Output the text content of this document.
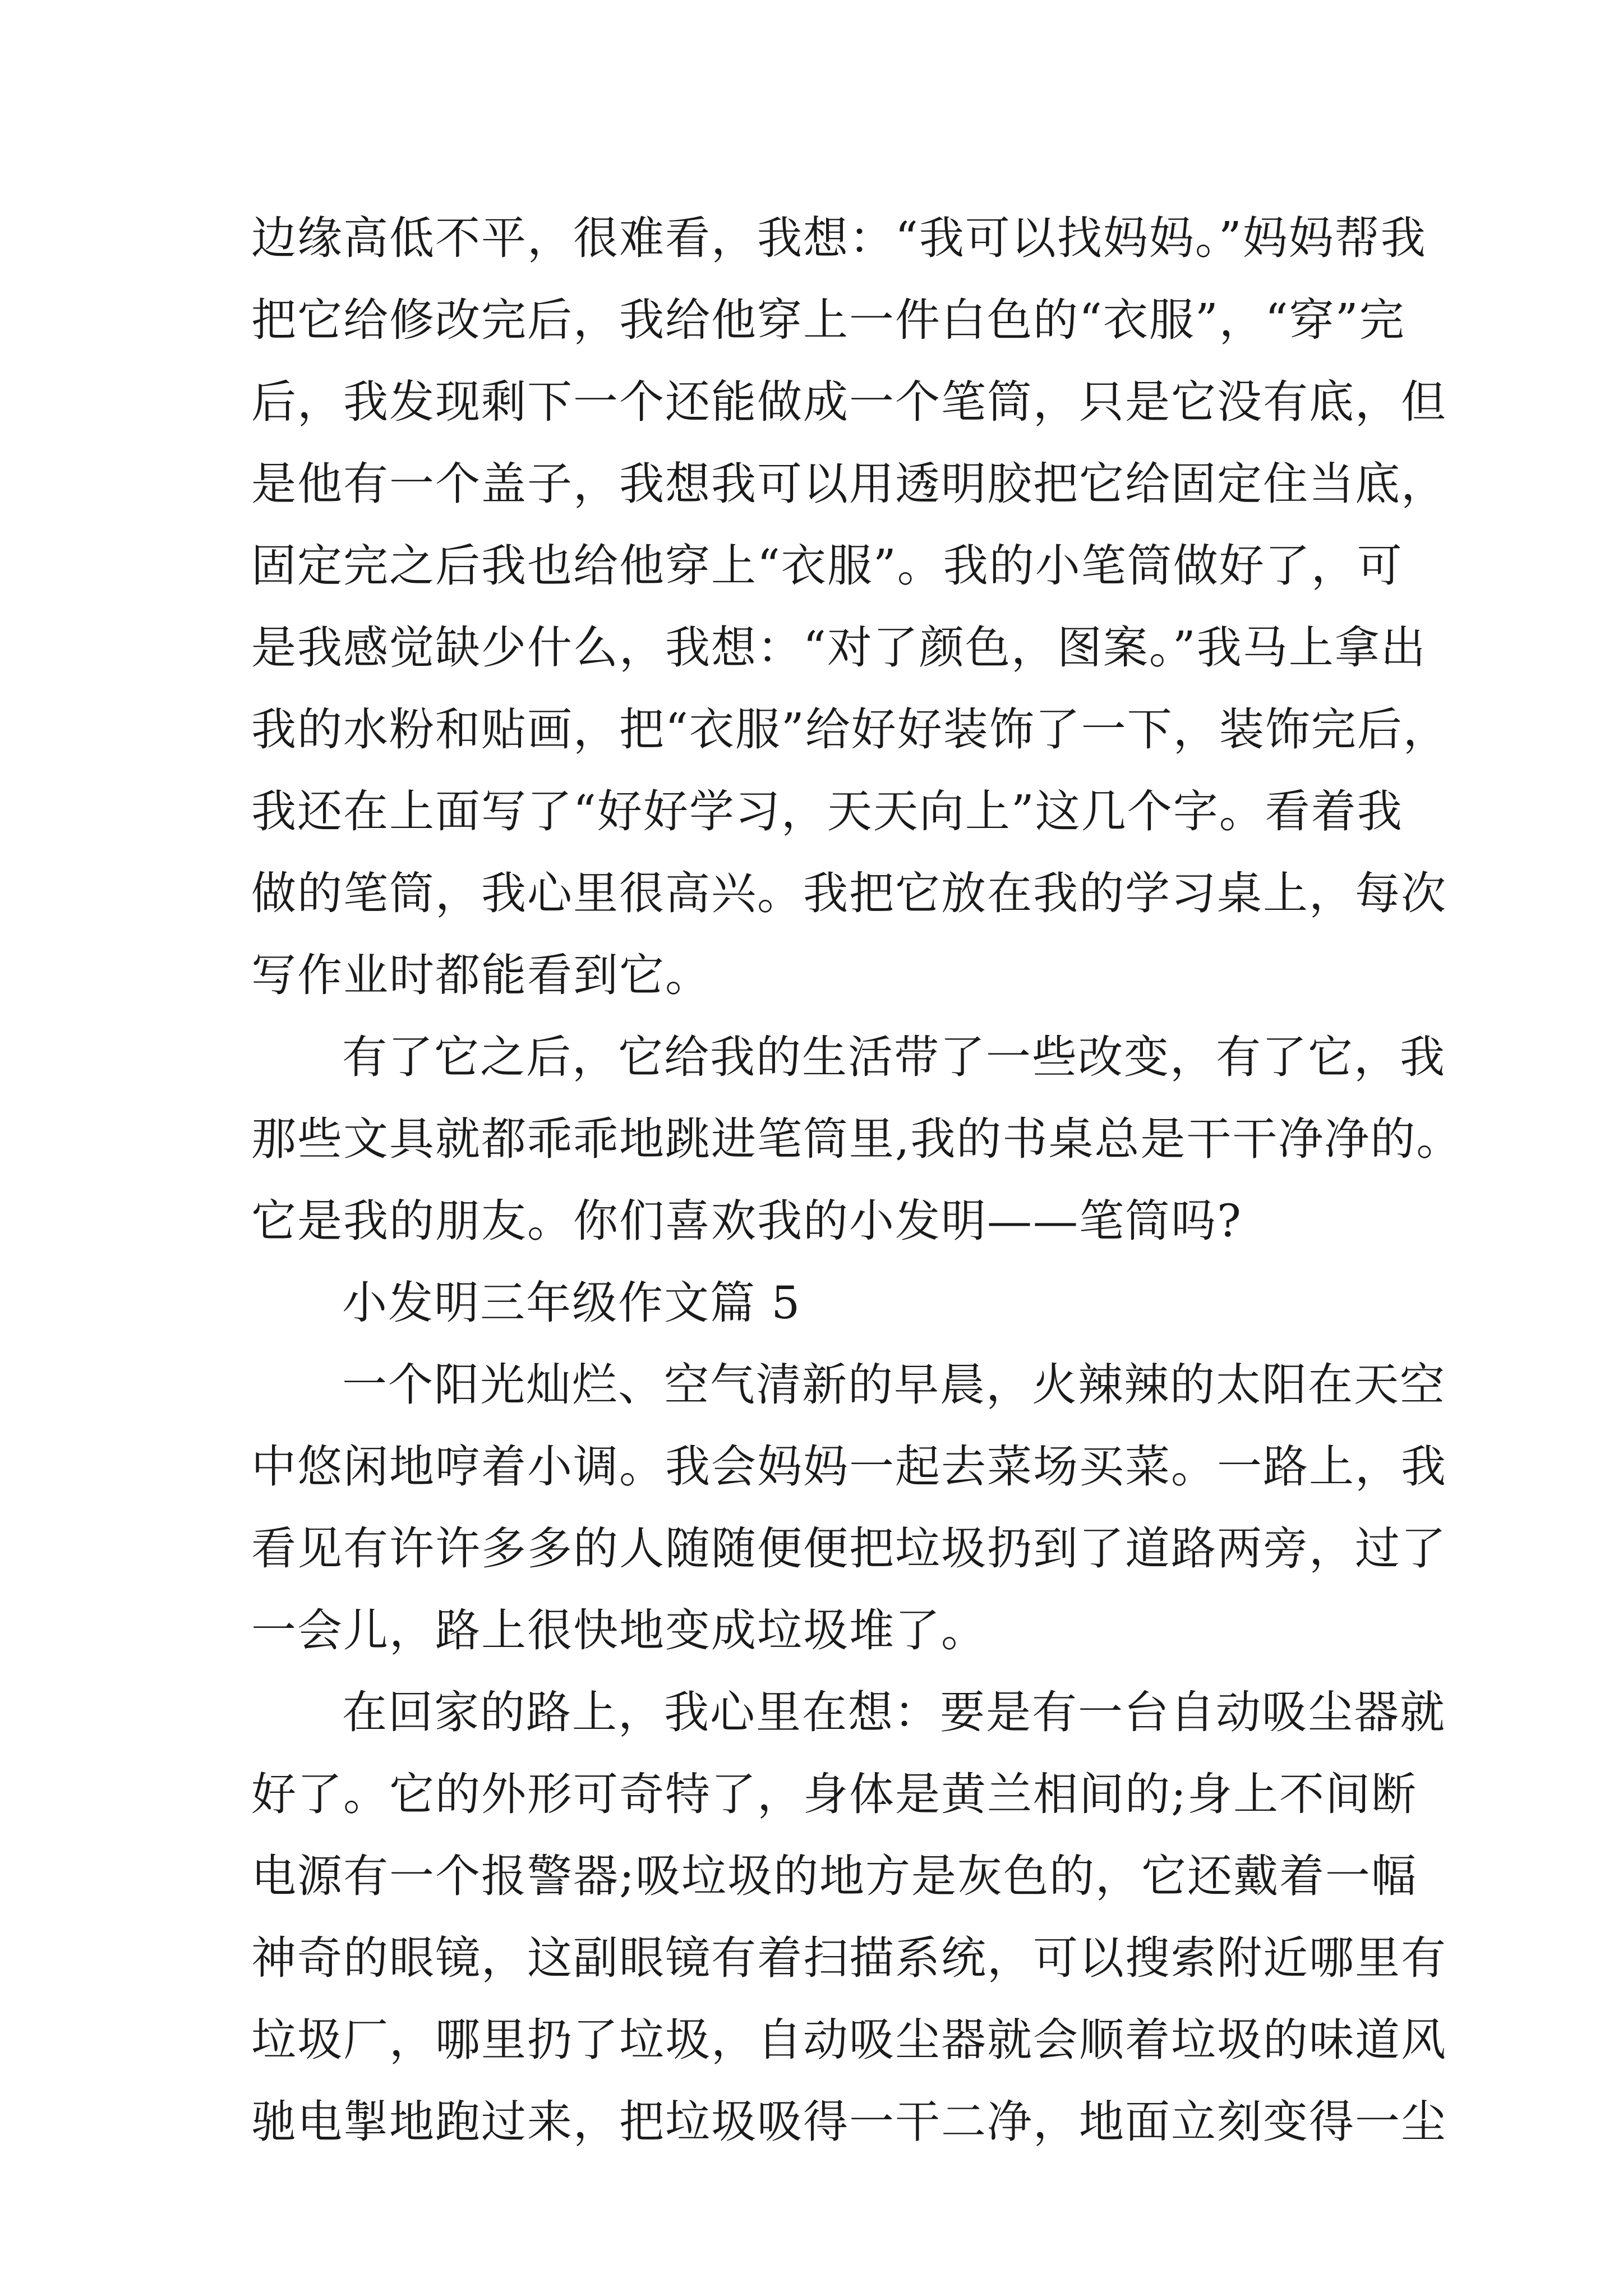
边缘高低不平，很难看，我想：“我可以找妈妈。”妈妈帮我
把它给修改完后，我给他穿上一件白色的“衣服”，“穿”完
后，我发现剩下一个还能做成一个笔筒，只是它没有底，但
是他有一个盖子，我想我可以用透明胶把它给固定住当底，
固定完之后我也给他穿上“衣服”。我的小笔筒做好了，可
是我感觉缺少什么，我想：“对了颜色，图案。”我马上拿出
我的水粉和贴画，把“衣服”给好好装饰了一下，装饰完后，
我还在上面写了“好好学习，天天向上”这几个字。看着我
做的笔筒，我心里很高兴。我把它放在我的学习桌上，每次
写作业时都能看到它。
有了它之后，它给我的生活带了一些改变，有了它，我
那些文具就都乖乖地跳进笔筒里,我的书桌总是干干净净的。
它是我的朋友。你们喜欢我的小发明——笔筒吗?
小发明三年级作文篇 5
一个阳光灿烂、空气清新的早晨，火辣辣的太阳在天空
中悠闲地哼着小调。我会妈妈一起去菜场买菜。一路上，我
看见有许许多多的人随随便便把垃圾扔到了道路两旁，过了
一会儿，路上很快地变成垃圾堆了。
在回家的路上，我心里在想：要是有一台自动吸尘器就
好了。它的外形可奇特了，身体是黄兰相间的;身上不间断
电源有一个报警器;吸垃圾的地方是灰色的，它还戴着一幅
神奇的眼镜，这副眼镜有着扫描系统，可以搜索附近哪里有
垃圾厂，哪里扔了垃圾，自动吸尘器就会顺着垃圾的味道风
驰电掣地跑过来，把垃圾吸得一干二净，地面立刻变得一尘
